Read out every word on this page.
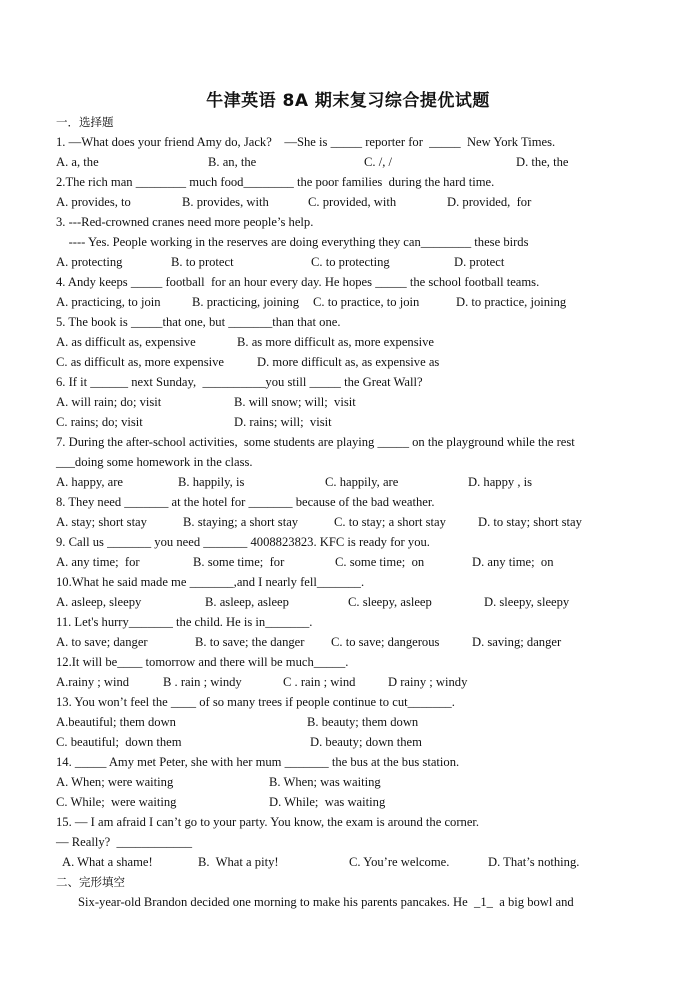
牛津英语 8A 期末复习综合提优试题
一．选择题
二、完形填空
1. —What does your friend Amy do, Jack?    —She is _____ reporter for  _____  New York Times.
A. a, the	B. an, the	C. /, /	D. the, the
2.The rich man ________ much food________ the poor families  during the hard time.
A. provides, to	B. provides, with	C. provided, with	D. provided,  for
3. ---Red-crowned cranes need more people’s help.
---- Yes. People working in the reserves are doing everything they can________ these birds
A. protecting	B. to protect	C. to protecting	D. protect
4. Andy keeps _____ football  for an hour every day. He hopes _____ the school football teams.
A. practicing, to join B. practicing, joining C. to practice, to join	D. to practice, joining
5. The book is _____that one, but _______than that one.
A. as difficult as, expensive	B. as more difficult as, more expensive
C. as difficult as, more expensive	D. more difficult as, as expensive as
6. If it ______ next Sunday,  __________you still _____ the Great Wall?
A. will rain; do; visit	B. will snow; will;  visit
C. rains; do; visit	D. rains; will;  visit
7. During the after-school activities,  some students are playing _____ on the playground while the rest
___doing some homework in the class.
A. happy, are	B. happily, is	C. happily, are	D. happy , is
8. They need _______ at the hotel for _______ because of the bad weather.
A. stay; short stay	B. staying; a short stay	C. to stay; a short stay	D. to stay; short stay
9. Call us _______ you need _______ 4008823823. KFC is ready for you.
A. any time;  for	B. some time;  for	C. some time;  on	D. any time;  on
10.What he said made me _______,and I nearly fell_______.
A. asleep, sleepy	B. asleep, asleep	C. sleepy, asleep	D. sleepy, sleepy
11. Let's hurry_______ the child. He is in_______.
A. to save; danger	B. to save; the danger C. to save; dangerous	D. saving; danger
12.It will be____ tomorrow and there will be much_____.
A.rainy ; wind	B . rain ; windy	C . rain ; wind	D rainy ; windy
13. You won’t feel the ____ of so many trees if people continue to cut_______.
A.beautiful; them down	B. beauty; them down
C. beautiful;  down them	D. beauty; down them
14. _____ Amy met Peter, she with her mum _______ the bus at the bus station.
A. When; were waiting	B. When; was waiting
C. While;  were waiting	D. While;  was waiting
15. — I am afraid I can’t go to your party. You know, the exam is around the corner.
— Really?  ____________
A. What a shame!	B.  What a pity!	C. You’re welcome.	D. That’s nothing.
Six-year-old Brandon decided one morning to make his parents pancakes. He  _1_  a big bowl and
